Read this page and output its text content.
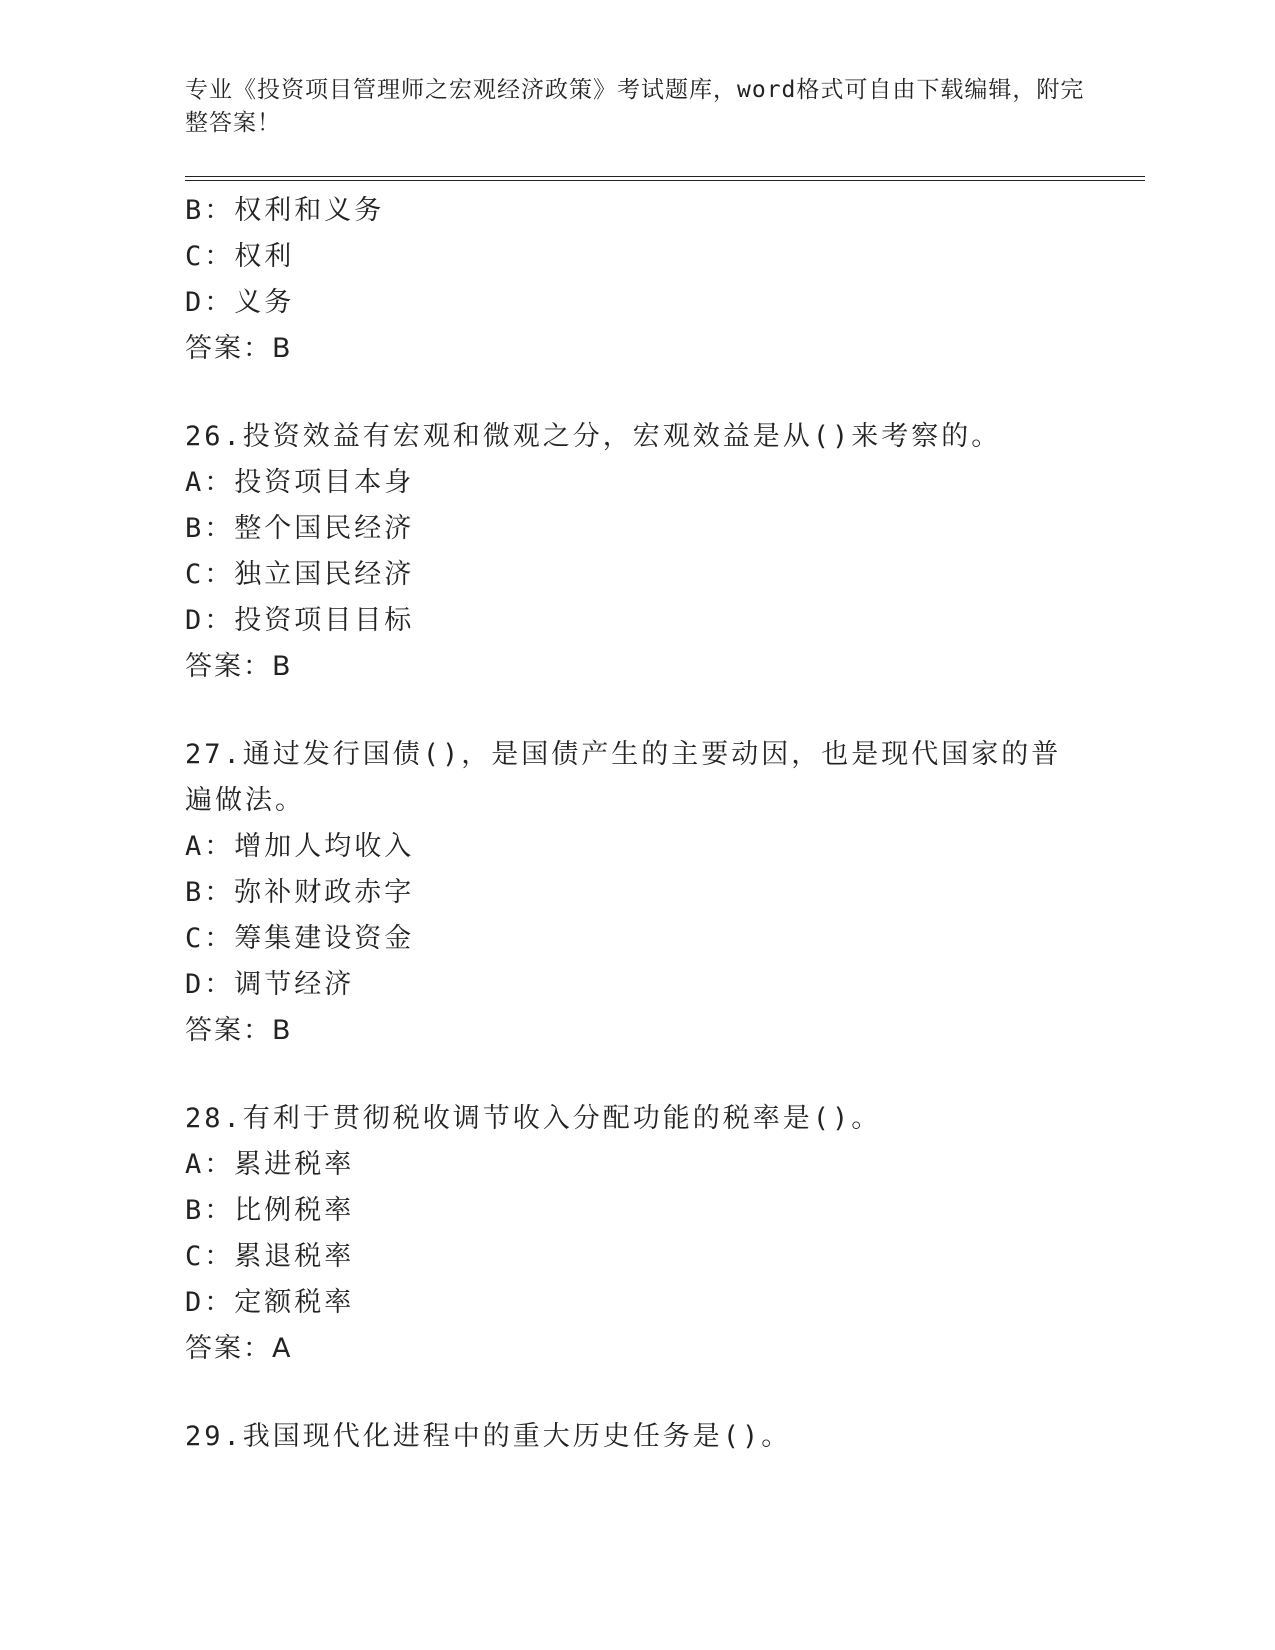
专业《投资项目管理师之宏观经济政策》考试题库，word格式可自由下载编辑，附完整答案！
B：权利和义务
C：权利
D：义务
答案：B
26.投资效益有宏观和微观之分，宏观效益是从()来考察的。
A：投资项目本身
B：整个国民经济
C：独立国民经济
D：投资项目目标
答案：B
27.通过发行国债()，是国债产生的主要动因，也是现代国家的普遍做法。
A：增加人均收入
B：弥补财政赤字
C：筹集建设资金
D：调节经济
答案：B
28.有利于贯彻税收调节收入分配功能的税率是()。
A：累进税率
B：比例税率
C：累退税率
D：定额税率
答案：A
29.我国现代化进程中的重大历史任务是()。
